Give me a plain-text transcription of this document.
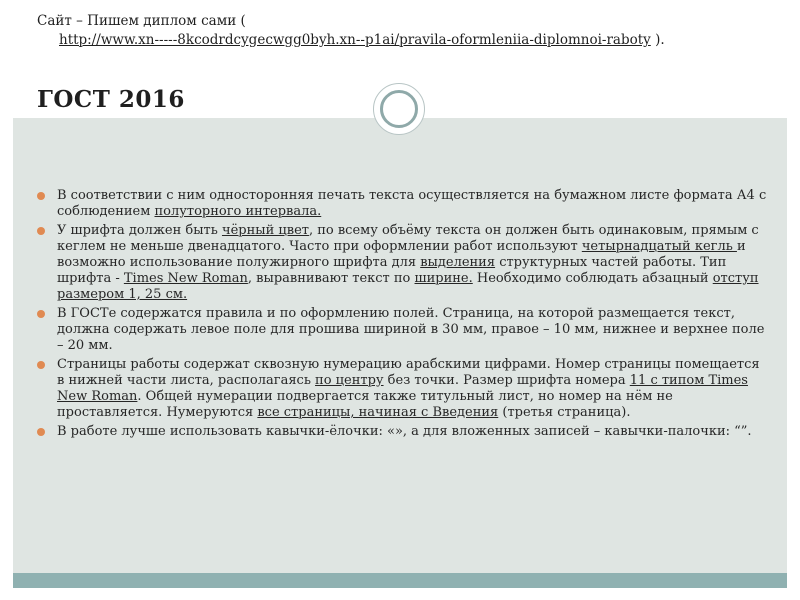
Сайт – Пишем диплом сами (
http://www.xn-----8kcodrdcygecwgg0byh.xn--p1ai/pravila-oformleniia-diplomnoi-raboty ).
ГОСТ 2016
В соответствии с ним односторонняя печать текста осуществляется на бумажном листе формата А4 с соблюдением полуторного интервала.
У шрифта должен быть чёрный цвет, по всему объёму текста он должен быть одинаковым, прямым с кеглем не меньше двенадцатого. Часто при оформлении работ используют четырнадцатый кегль и возможно использование полужирного шрифта для выделения структурных частей работы. Тип шрифта - Times New Roman, выравнивают текст по ширине. Необходимо соблюдать абзацный отступ размером 1, 25 см.
В ГОСТе содержатся правила и по оформлению полей. Страница, на которой размещается текст, должна содержать левое поле для прошива шириной в 30 мм, правое – 10 мм, нижнее и верхнее поле – 20 мм.
Страницы работы содержат сквозную нумерацию арабскими цифрами. Номер страницы помещается в нижней части листа, располагаясь по центру без точки. Размер шрифта номера 11 с типом Times New Roman. Общей нумерации подвергается также титульный лист, но номер на нём не проставляется. Нумеруются все страницы, начиная с Введения (третья страница).
В работе лучше использовать кавычки-ёлочки: «», а для вложенных записей – кавычки-палочки: “”.
